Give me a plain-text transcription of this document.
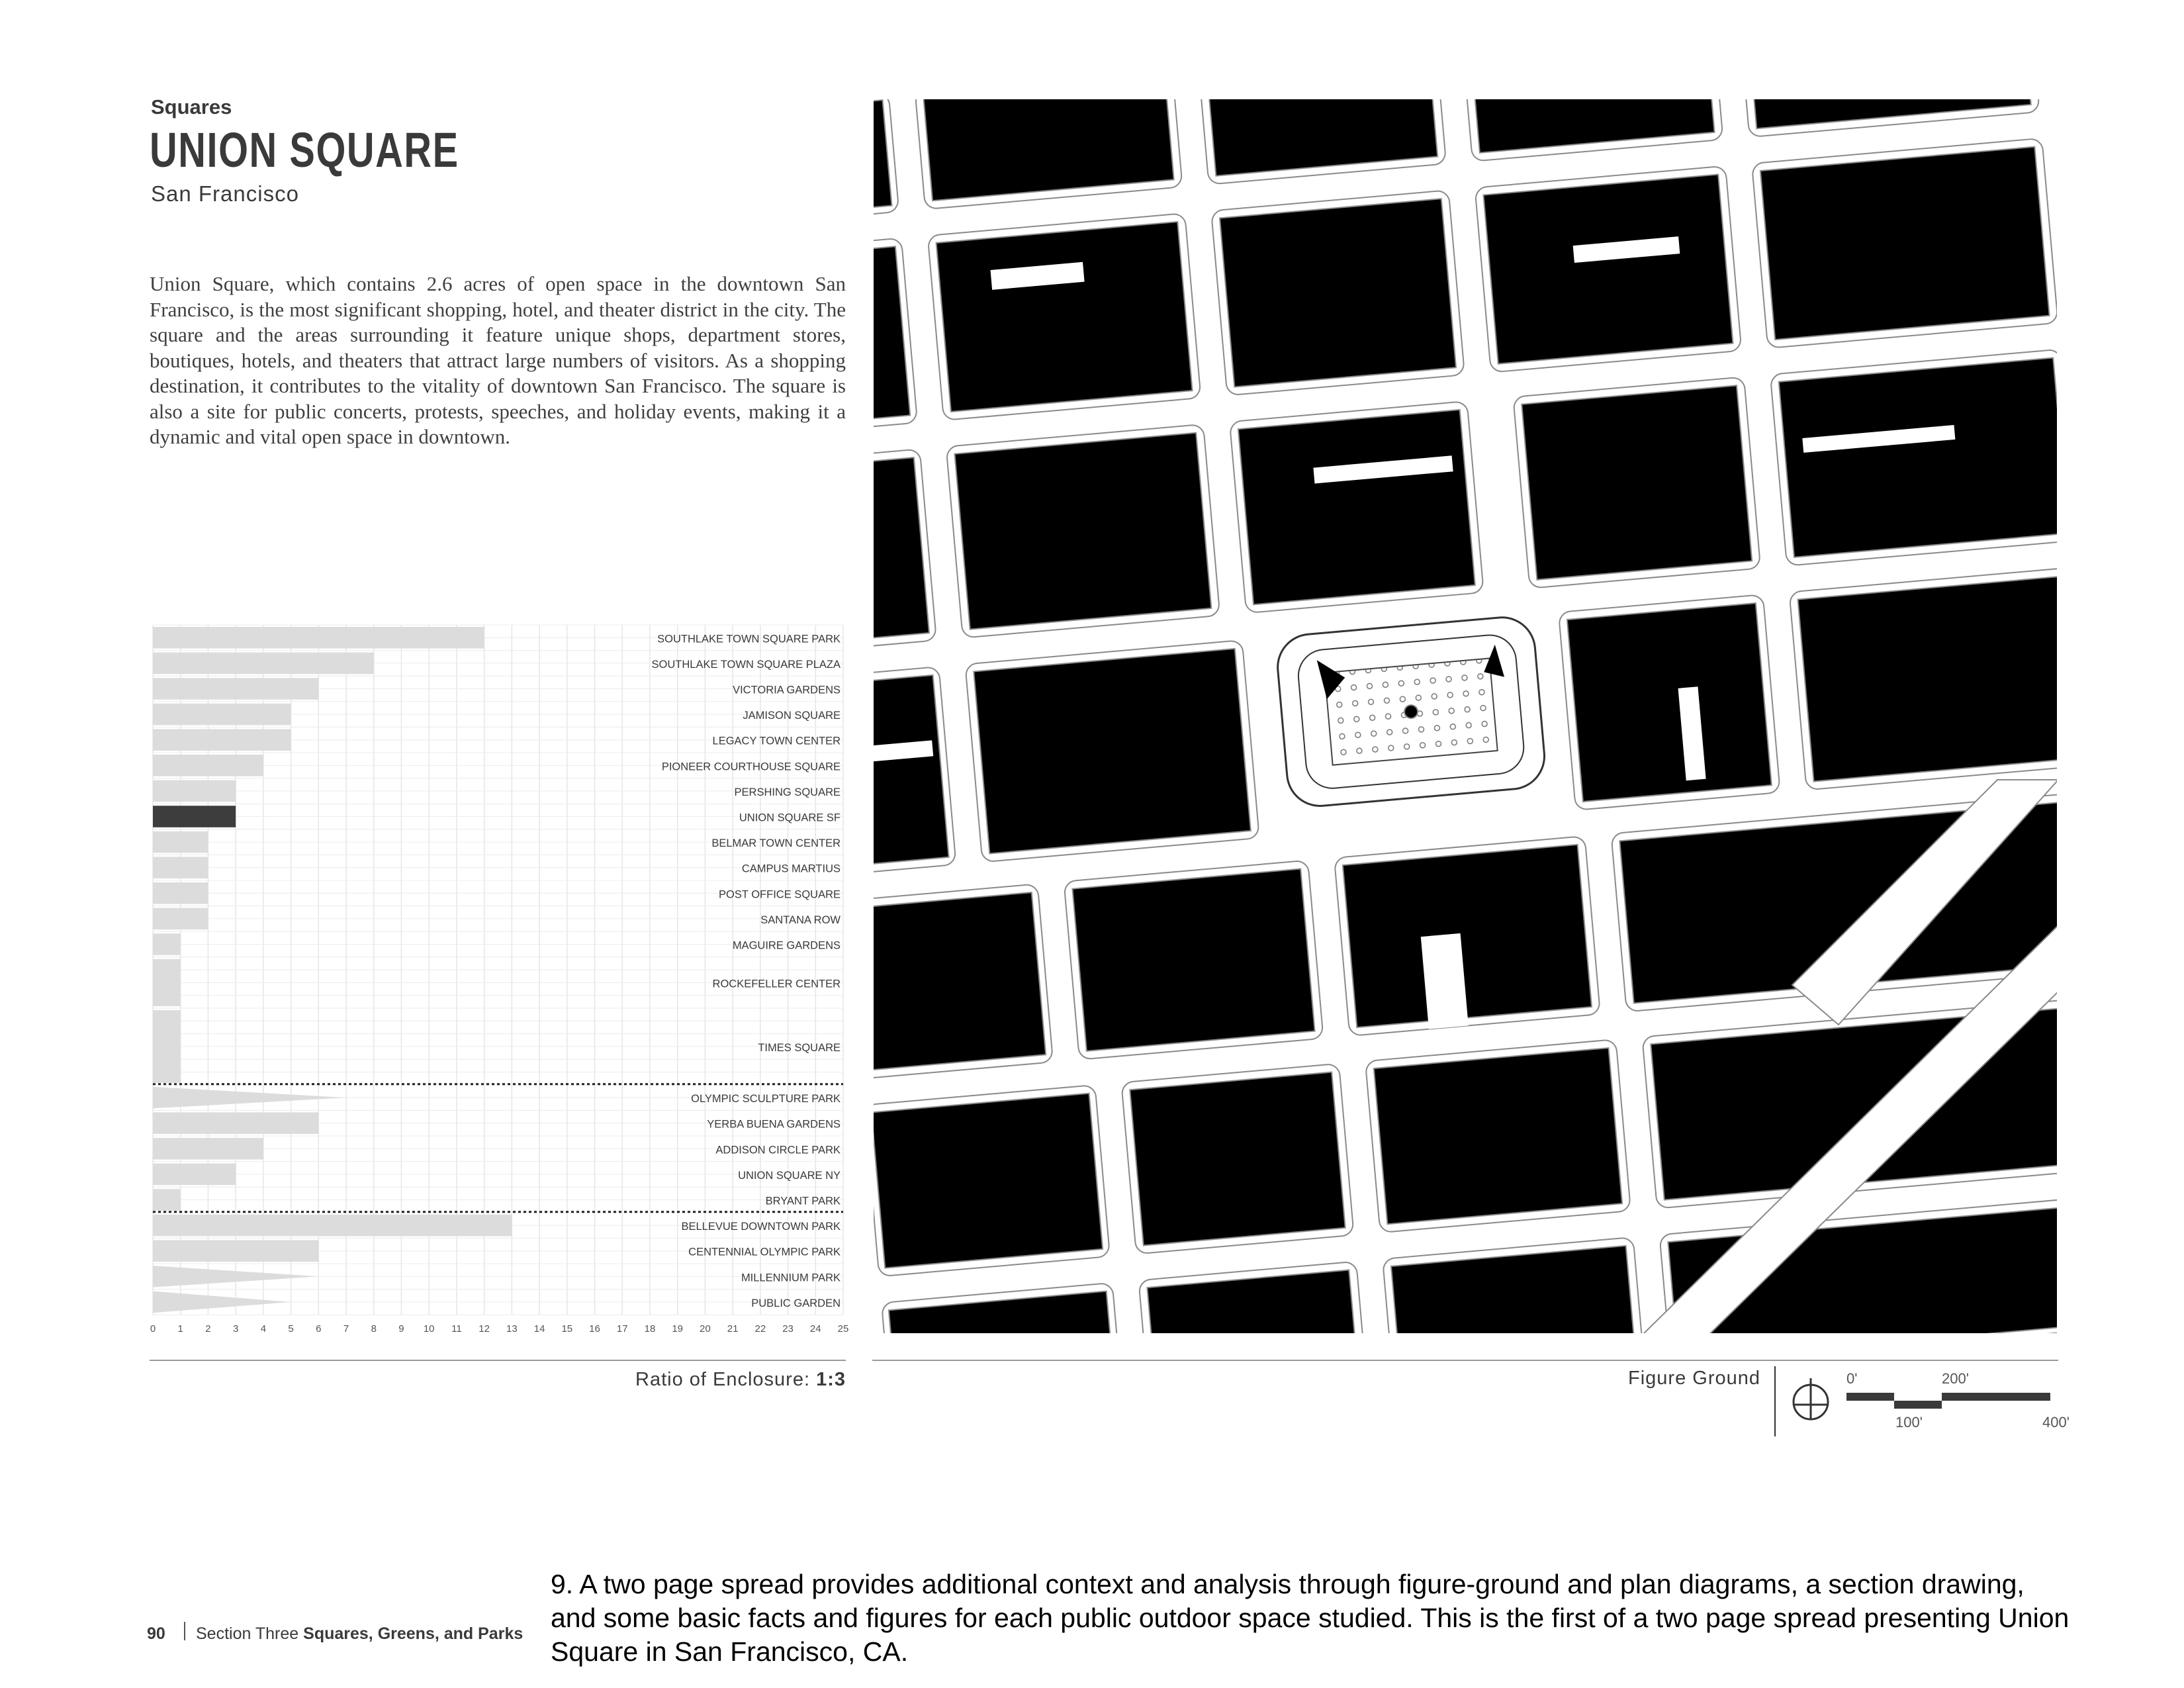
Squares
UNION SQUARE
San Francisco

Union Square, which contains 2.6 acres of open space in the downtown San Francisco, is the most significant shopping, hotel, and theater district in the city. The square and the areas surrounding it feature unique shops, department stores, boutiques, hotels, and theaters that attract large numbers of visitors. As a shopping destination, it contributes to the vitality of downtown San Francisco. The square is also a site for public concerts, protests, speeches, and holiday events, making it a dynamic and vital open space in downtown.

SOUTHLAKE TOWN SQUARE PARK
SOUTHLAKE TOWN SQUARE PLAZA
VICTORIA GARDENS
JAMISON SQUARE
LEGACY TOWN CENTER
PIONEER COURTHOUSE SQUARE
PERSHING SQUARE
UNION SQUARE SF
BELMAR TOWN CENTER
CAMPUS MARTIUS
POST OFFICE SQUARE
SANTANA ROW
MAGUIRE GARDENS
ROCKEFELLER CENTER
TIMES SQUARE
OLYMPIC SCULPTURE PARK
YERBA BUENA GARDENS
ADDISON CIRCLE PARK
UNION SQUARE NY
BRYANT PARK
BELLEVUE DOWNTOWN PARK
CENTENNIAL OLYMPIC PARK
MILLENNIUM PARK
PUBLIC GARDEN
0 1 2 3 4 5 6 7 8 9 10 11 12 13 14 15 16 17 18 19 20 21 22 23 24 25
Ratio of Enclosure: 1:3	Figure Ground	0'	200'
100'	400'
90 Section Three Squares, Greens, and Parks
9. A two page spread provides additional context and analysis through figure-ground and plan diagrams, a section drawing, and some basic facts and figures for each public outdoor space studied. This is the first of a two page spread presenting Union Square in San Francisco, CA.
